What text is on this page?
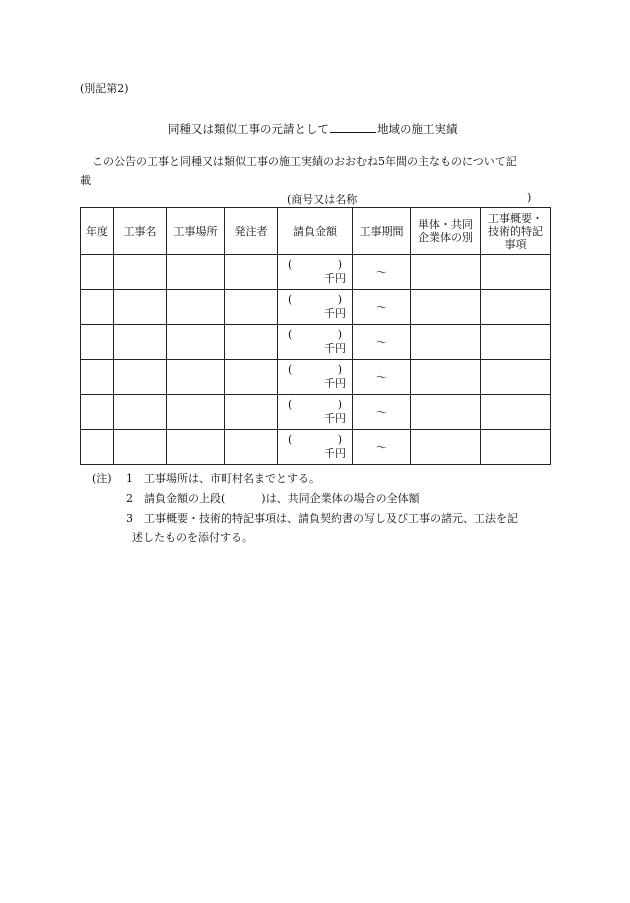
(別記第2)
同種又は類似工事の元請として	地域の施工実績
この公告の工事と同種又は類似工事の施工実績のおおむね5年間の主なものについて記
載
(商号又は名称	)
年度	工事名	工事場所	発注者	請負金額	工事期間	単体・共同
企業体の別	工事概要・
技術的特記
事項

				( )
千円	～		

				( )
千円	～		

				( )
千円	～		

				( )
千円	～		

				( )
千円	～		

				( )
千円	～		
(注) 1 工事場所は、市町村名までとする。
2 請負金額の上段(	)は、共同企業体の場合の全体額
3 工事概要・技術的特記事項は、請負契約書の写し及び工事の諸元、工法を記
述したものを添付する。
